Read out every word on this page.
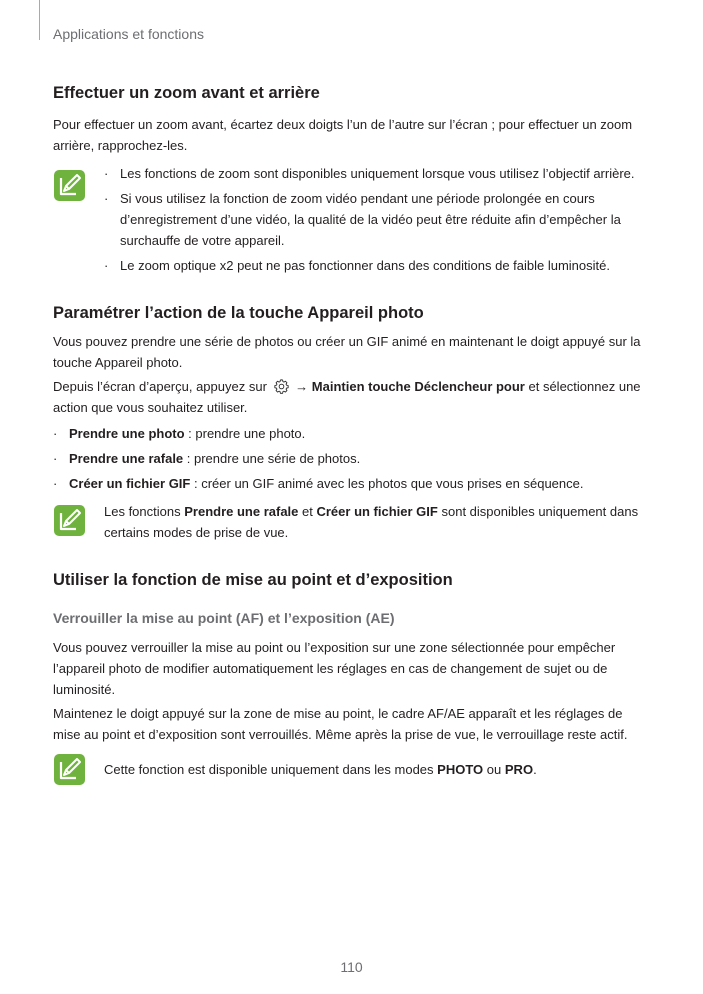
Applications et fonctions
Effectuer un zoom avant et arrière

Pour effectuer un zoom avant, écartez deux doigts l’un de l’autre sur l’écran ; pour effectuer un zoom arrière, rapprochez-les.

· Les fonctions de zoom sont disponibles uniquement lorsque vous utilisez l’objectif arrière.
· Si vous utilisez la fonction de zoom vidéo pendant une période prolongée en cours d’enregistrement d’une vidéo, la qualité de la vidéo peut être réduite afin d’empêcher la surchauffe de votre appareil.
· Le zoom optique x2 peut ne pas fonctionner dans des conditions de faible luminosité.
Paramétrer l’action de la touche Appareil photo

Vous pouvez prendre une série de photos ou créer un GIF animé en maintenant le doigt appuyé sur la touche Appareil photo.

Depuis l’écran d’aperçu, appuyez sur → Maintien touche Déclencheur pour et sélectionnez une action que vous souhaitez utiliser.

· Prendre une photo : prendre une photo.
· Prendre une rafale : prendre une série de photos.
· Créer un fichier GIF : créer un GIF animé avec les photos que vous prises en séquence.

Les fonctions Prendre une rafale et Créer un fichier GIF sont disponibles uniquement dans certains modes de prise de vue.

Utiliser la fonction de mise au point et d’exposition
Verrouiller la mise au point (AF) et l’exposition (AE)

Vous pouvez verrouiller la mise au point ou l’exposition sur une zone sélectionnée pour empêcher l’appareil photo de modifier automatiquement les réglages en cas de changement de sujet ou de luminosité.

Maintenez le doigt appuyé sur la zone de mise au point, le cadre AF/AE apparaît et les réglages de mise au point et d’exposition sont verrouillés. Même après la prise de vue, le verrouillage reste actif.

Cette fonction est disponible uniquement dans les modes PHOTO ou PRO.

110
